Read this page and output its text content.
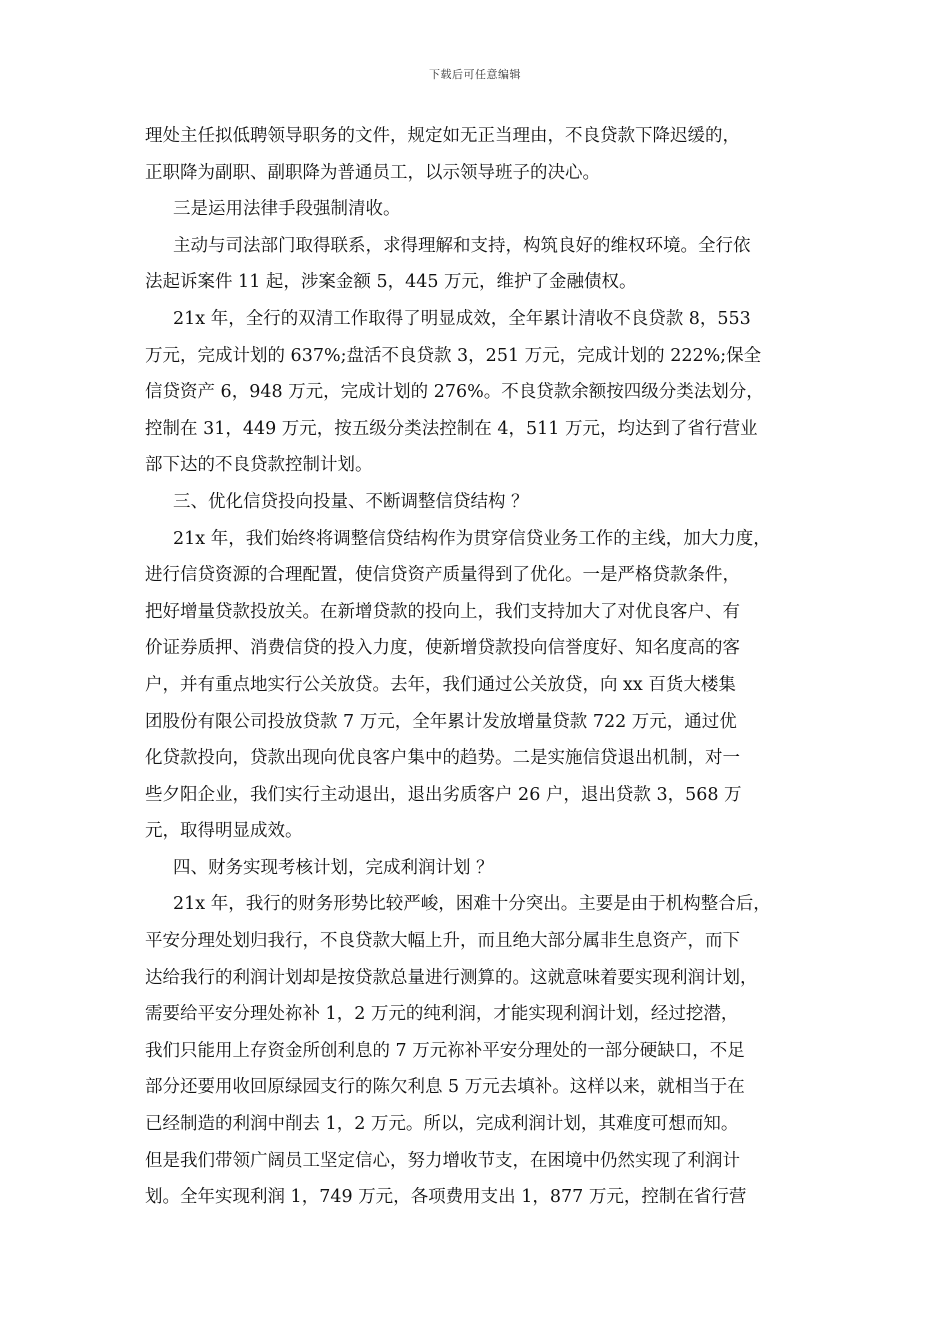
下载后可任意编辑
理处主任拟低聘领导职务的文件，规定如无正当理由，不良贷款下降迟缓的，
正职降为副职、副职降为普通员工，以示领导班子的决心。
三是运用法律手段强制清收。
主动与司法部门取得联系，求得理解和支持，构筑良好的维权环境。全行依
法起诉案件 11 起，涉案金额 5，445 万元，维护了金融债权。
21x 年，全行的双清工作取得了明显成效，全年累计清收不良贷款 8，553
万元，完成计划的 637%;盘活不良贷款 3，251 万元，完成计划的 222%;保全
信贷资产 6，948 万元，完成计划的 276%。不良贷款余额按四级分类法划分，
控制在 31，449 万元，按五级分类法控制在 4，511 万元，均达到了省行营业
部下达的不良贷款控制计划。
三、优化信贷投向投量、不断调整信贷结构 ？
21x 年，我们始终将调整信贷结构作为贯穿信贷业务工作的主线，加大力度，
进行信贷资源的合理配置，使信贷资产质量得到了优化。一是严格贷款条件，
把好增量贷款投放关。在新增贷款的投向上，我们支持加大了对优良客户、有
价证券质押、消费信贷的投入力度，使新增贷款投向信誉度好、知名度高的客
户，并有重点地实行公关放贷。去年，我们通过公关放贷，向 xx 百货大楼集
团股份有限公司投放贷款 7 万元，全年累计发放增量贷款 722 万元，通过优
化贷款投向，贷款出现向优良客户集中的趋势。二是实施信贷退出机制，对一
些夕阳企业，我们实行主动退出，退出劣质客户 26 户，退出贷款 3，568 万
元，取得明显成效。
四、财务实现考核计划，完成利润计划 ？
21x 年，我行的财务形势比较严峻，困难十分突出。主要是由于机构整合后，
平安分理处划归我行，不良贷款大幅上升，而且绝大部分属非生息资产，而下
达给我行的利润计划却是按贷款总量进行测算的。这就意味着要实现利润计划，
需要给平安分理处祢补 1，2 万元的纯利润，才能实现利润计划，经过挖潜，
我们只能用上存资金所创利息的 7 万元祢补平安分理处的一部分硬缺口，不足
部分还要用收回原绿园支行的陈欠利息 5 万元去填补。这样以来，就相当于在
已经制造的利润中削去 1，2 万元。所以，完成利润计划，其难度可想而知。
但是我们带领广阔员工坚定信心，努力增收节支，在困境中仍然实现了利润计
划。全年实现利润 1，749 万元，各项费用支出 1，877 万元，控制在省行营
